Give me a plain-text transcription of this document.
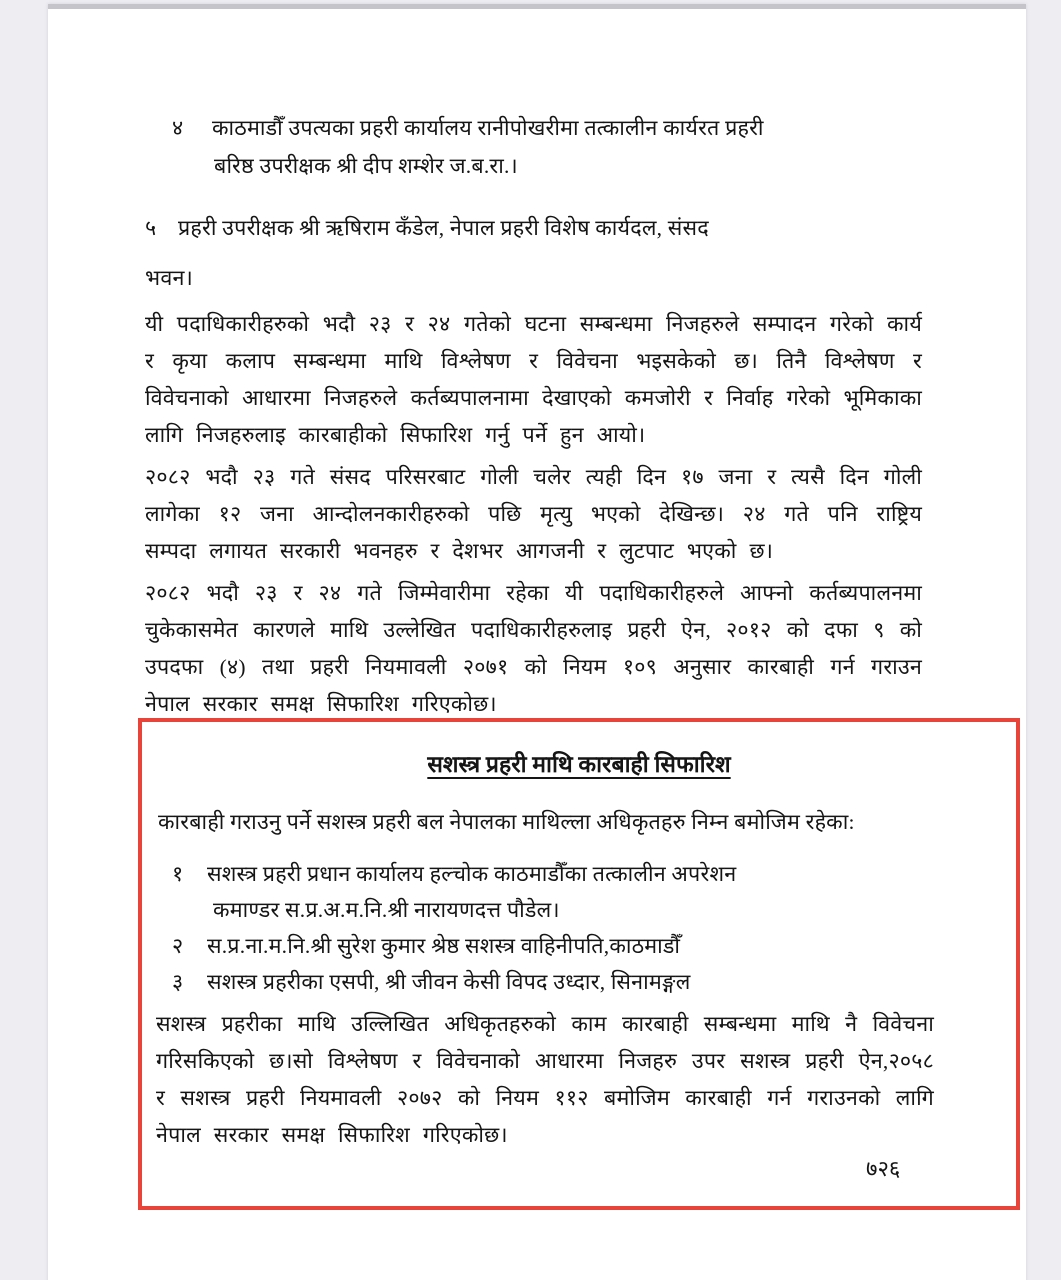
४ काठमाडौँ उपत्यका प्रहरी कार्यालय रानीपोखरीमा तत्कालीन कार्यरत प्रहरी
बरिष्ठ उपरीक्षक श्री दीप शम्शेर ज.ब.रा.।
५ प्रहरी उपरीक्षक श्री ऋषिराम कँडेल, नेपाल प्रहरी विशेष कार्यदल, संसद
भवन।
यी पदाधिकारीहरुको भदौ २३ र २४ गतेको घटना सम्बन्धमा निजहरुले सम्पादन गरेको कार्य र कृया कलाप सम्बन्धमा माथि विश्लेषण र विवेचना भइसकेको छ। तिनै विश्लेषण र विवेचनाको आधारमा निजहरुले कर्तब्यपालनामा देखाएको कमजोरी र निर्वाह गरेको भूमिकाका लागि निजहरुलाइ कारबाहीको सिफारिश गर्नु पर्ने हुन आयो।
२०८२ भदौ २३ गते संसद परिसरबाट गोली चलेर त्यही दिन १७ जना र त्यसै दिन गोली लागेका १२ जना आन्दोलनकारीहरुको पछि मृत्यु भएको देखिन्छ। २४ गते पनि राष्ट्रिय सम्पदा लगायत सरकारी भवनहरु र देशभर आगजनी र लुटपाट भएको छ।
२०८२ भदौ २३ र २४ गते जिम्मेवारीमा रहेका यी पदाधिकारीहरुले आफ्नो कर्तब्यपालनमा चुकेकासमेत कारणले माथि उल्लेखित पदाधिकारीहरुलाइ प्रहरी ऐन, २०१२ को दफा ९ को उपदफा (४) तथा प्रहरी नियमावली २०७१ को नियम १०९ अनुसार कारबाही गर्न गराउन नेपाल सरकार समक्ष सिफारिश गरिएकोछ।
सशस्त्र प्रहरी माथि कारबाही सिफारिश
कारबाही गराउनु पर्ने सशस्त्र प्रहरी बल नेपालका माथिल्ला अधिकृतहरु निम्न बमोजिम रहेका:
१ सशस्त्र प्रहरी प्रधान कार्यालय हल्चोक काठमाडौँका तत्कालीन अपरेशन
कमाण्डर स.प्र.अ.म.नि.श्री नारायणदत्त पौडेल।
२ स.प्र.ना.म.नि.श्री सुरेश कुमार श्रेष्ठ सशस्त्र वाहिनीपति,काठमाडौँ
३ सशस्त्र प्रहरीका एसपी, श्री जीवन केसी विपद उध्दार, सिनामङ्गल
सशस्त्र प्रहरीका माथि उल्लिखित अधिकृतहरुको काम कारबाही सम्बन्धमा माथि नै विवेचना गरिसकिएको छ।सो विश्लेषण र विवेचनाको आधारमा निजहरु उपर सशस्त्र प्रहरी ऐन,२०५८ र सशस्त्र प्रहरी नियमावली २०७२ को नियम ११२ बमोजिम कारबाही गर्न गराउनको लागि नेपाल सरकार समक्ष सिफारिश गरिएकोछ।
७२६
